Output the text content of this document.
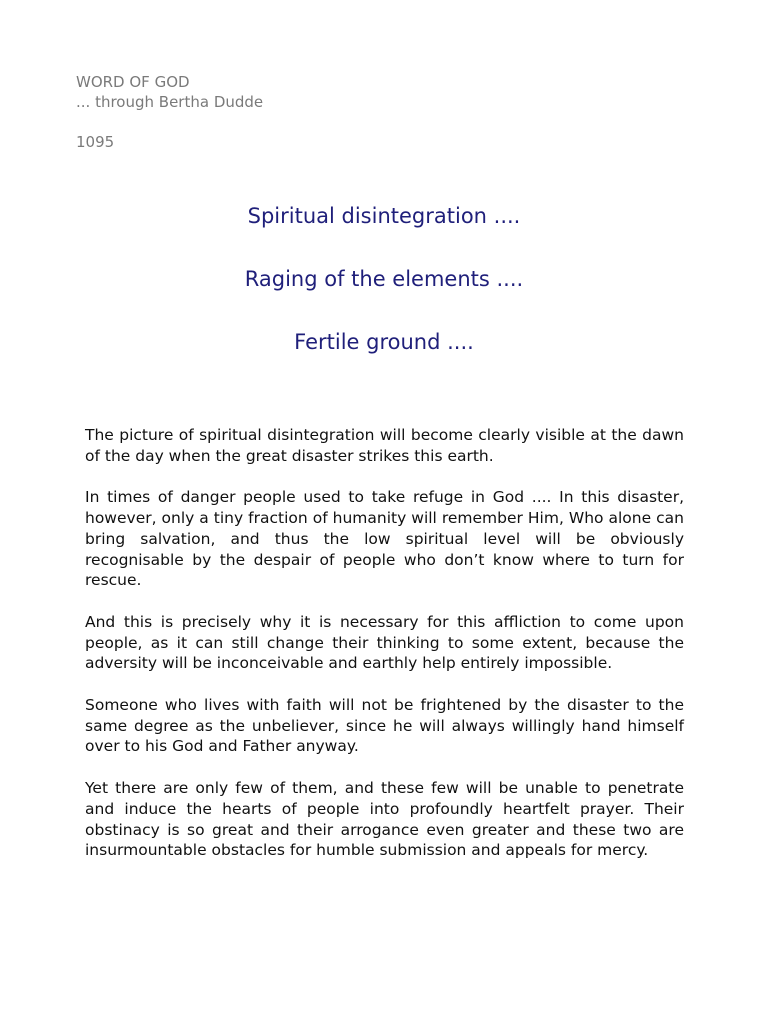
WORD OF GOD
... through Bertha Dudde

1095
Spiritual disintegration ....
Raging of the elements ....
Fertile ground ....

The picture of spiritual disintegration will become clearly visible at the dawn of the day when the great disaster strikes this earth.

In times of danger people used to take refuge in God .... In this disaster, however, only a tiny fraction of humanity will remember Him, Who alone can bring salvation, and thus the low spiritual level will be obviously recognisable by the despair of people who don’t know where to turn for rescue.

And this is precisely why it is necessary for this affliction to come upon people, as it can still change their thinking to some extent, because the adversity will be inconceivable and earthly help entirely impossible.

Someone who lives with faith will not be frightened by the disaster to the same degree as the unbeliever, since he will always willingly hand himself over to his God and Father anyway.

Yet there are only few of them, and these few will be unable to penetrate and induce the hearts of people into profoundly heartfelt prayer. Their obstinacy is so great and their arrogance even greater and these two are insurmountable obstacles for humble submission and appeals for mercy.
